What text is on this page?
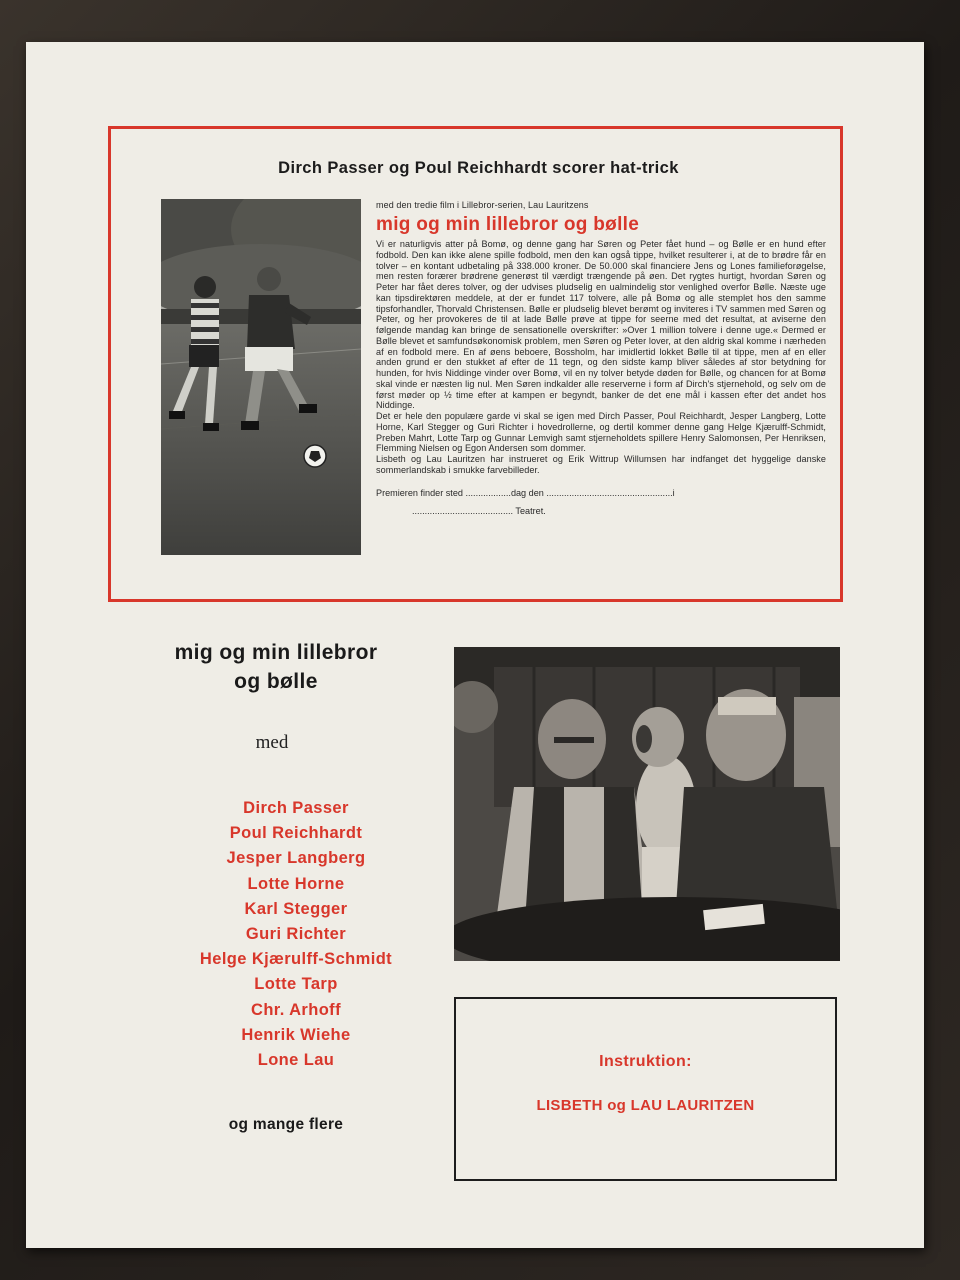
Dirch Passer og Poul Reichhardt scorer hat-trick
med den tredie film i Lillebror-serien, Lau Lauritzens
mig og min lillebror og bølle
Vi er naturligvis atter på Bomø, og denne gang har Søren og Peter fået hund – og Bølle er en hund efter fodbold. Den kan ikke alene spille fodbold, men den kan også tippe, hvilket resulterer i, at de to brødre får en tolver – en kontant udbetaling på 338.000 kroner. De 50.000 skal financiere Jens og Lones familieforøgelse, men resten forærer brødrene generøst til værdigt trængende på øen. Det rygtes hurtigt, hvordan Søren og Peter har fået deres tolver, og der udvises pludselig en ualmindelig stor venlighed overfor Bølle. Næste uge kan tipsdirektøren meddele, at der er fundet 117 tolvere, alle på Bomø og alle stemplet hos den samme tipsforhandler, Thorvald Christensen. Bølle er pludselig blevet berømt og inviteres i TV sammen med Søren og Peter, og her provokeres de til at lade Bølle prøve at tippe for seerne med det resultat, at aviserne den følgende mandag kan bringe de sensationelle overskrifter: »Over 1 million tolvere i denne uge.« Dermed er Bølle blevet et samfundsøkonomisk problem, men Søren og Peter lover, at den aldrig skal komme i nærheden af en fodbold mere. En af øens beboere, Bossholm, har imidlertid lokket Bølle til at tippe, men af en eller anden grund er den stukket af efter de 11 tegn, og den sidste kamp bliver således af stor betydning for hunden, for hvis Niddinge vinder over Bomø, vil en ny tolver betyde døden for Bølle, og chancen for at Bomø skal vinde er næsten lig nul. Men Søren indkalder alle reserverne i form af Dirch's stjernehold, og selv om de først møder op ½ time efter at kampen er begyndt, banker de det ene mål i kassen efter det andet hos Niddinge.
Det er hele den populære garde vi skal se igen med Dirch Passer, Poul Reichhardt, Jesper Langberg, Lotte Horne, Karl Stegger og Guri Richter i hovedrollerne, og dertil kommer denne gang Helge Kjærulff-Schmidt, Preben Mahrt, Lotte Tarp og Gunnar Lemvigh samt stjerneholdets spillere Henry Salomonsen, Per Henriksen, Flemming Nielsen og Egon Andersen som dommer.
Lisbeth og Lau Lauritzen har instrueret og Erik Wittrup Willumsen har indfanget det hyggelige danske sommerlandskab i smukke farvebilleder.
Premieren finder sted ..................dag den ..................................................i
........................................ Teatret.
mig og min lillebror
og bølle
med
Dirch Passer
Poul Reichhardt
Jesper Langberg
Lotte Horne
Karl Stegger
Guri Richter
Helge Kjærulff-Schmidt
Lotte Tarp
Chr. Arhoff
Henrik Wiehe
Lone Lau
og mange flere
Instruktion:
LISBETH og LAU LAURITZEN
